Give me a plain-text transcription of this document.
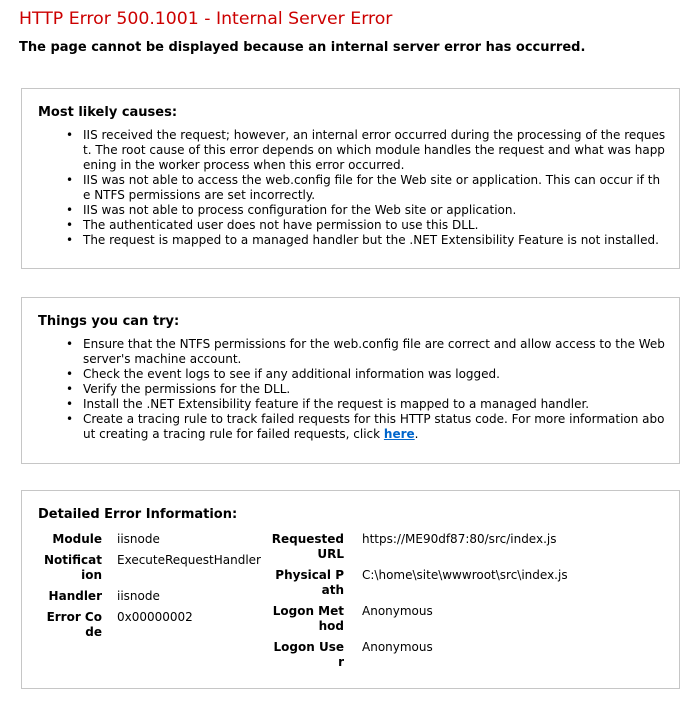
HTTP Error 500.1001 - Internal Server Error
The page cannot be displayed because an internal server error has occurred.
Most likely causes:
• IIS received the request; however, an internal error occurred during the processing of the request. The root cause of this error depends on which module handles the request and what was happening in the worker process when this error occurred.
• IIS was not able to access the web.config file for the Web site or application. This can occur if the NTFS permissions are set incorrectly.
• IIS was not able to process configuration for the Web site or application.
• The authenticated user does not have permission to use this DLL.
• The request is mapped to a managed handler but the .NET Extensibility Feature is not installed.
Things you can try:
• Ensure that the NTFS permissions for the web.config file are correct and allow access to the Web server's machine account.
• Check the event logs to see if any additional information was logged.
• Verify the permissions for the DLL.
• Install the .NET Extensibility feature if the request is mapped to a managed handler.
• Create a tracing rule to track failed requests for this HTTP status code. For more information about creating a tracing rule for failed requests, click here.
Detailed Error Information:
Module iisnode
Notification
ExecuteRequestHandler
Handler iisnode
Error Code
0x00000002
Requested URL
https://ME90df87:80/src/index.js
Physical Path
C:\home\site\wwwroot\src\index.js
Logon Method
Anonymous
Logon User
Anonymous
